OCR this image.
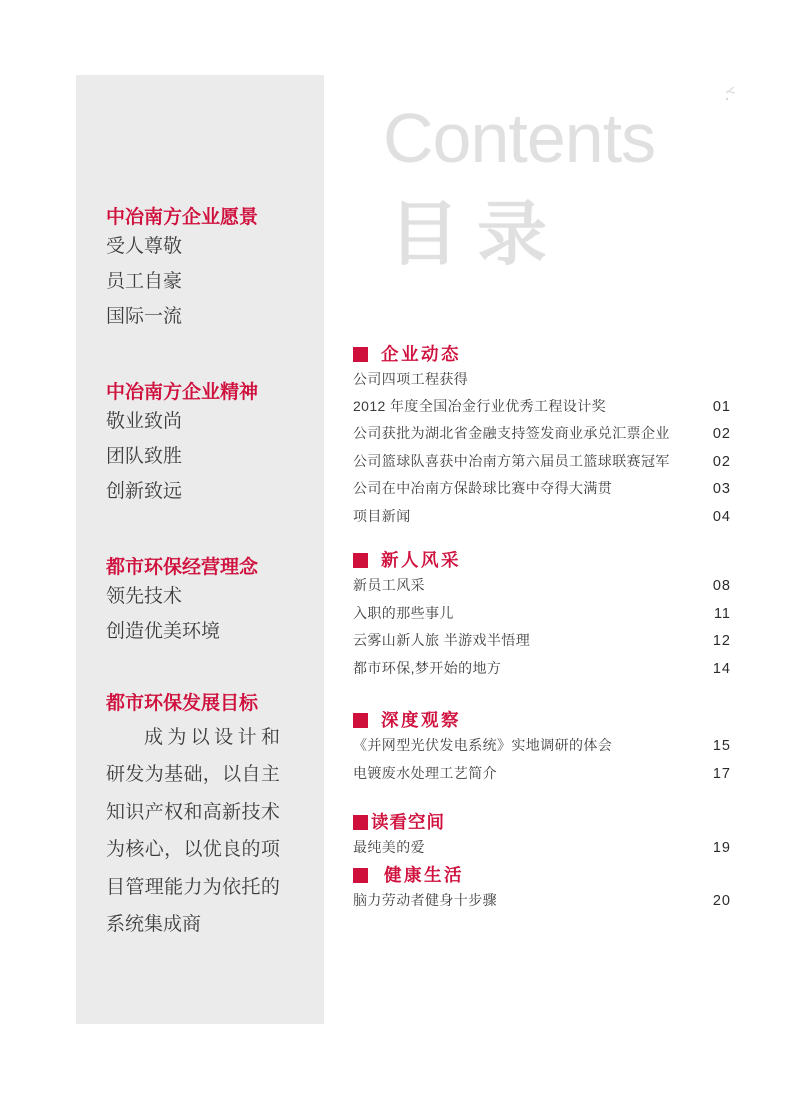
Contents
目录
中冶南方企业愿景
受人尊敬
员工自豪
国际一流
中冶南方企业精神
敬业致尚
团队致胜
创新致远
都市环保经营理念
领先技术
创造优美环境
都市环保发展目标
成 为 以 设 计 和
研 发 为 基 础 ， 以 自 主
知 识 产 权 和 高 新 技 术
为 核 心 ， 以 优 良 的 项
目 管 理 能 力 为 依 托 的
系统集成商
企业动态
公司四项工程获得
2012 年度全国冶金行业优秀工程设计奖	01
公司获批为湖北省金融支持签发商业承兑汇票企业	02
公司篮球队喜获中冶南方第六届员工篮球联赛冠军	02
公司在中冶南方保龄球比赛中夺得大满贯	03
项目新闻	04
新人风采
新员工风采	08
入职的那些事儿	11
云雾山新人旅 半游戏半悟理	12
都市环保,梦开始的地方	14
深度观察
《并网型光伏发电系统》实地调研的体会	15
电镀废水处理工艺简介	17
读看空间
最纯美的爱	19
健康生活
脑力劳动者健身十步骤	20
